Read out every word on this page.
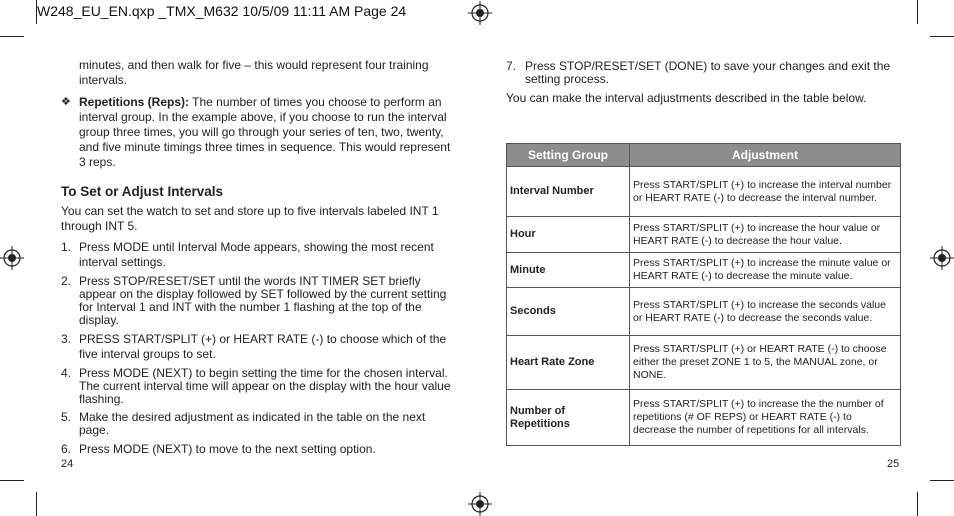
W248_EU_EN.qxp _TMX_M632 10/5/09 11:11 AM Page 24

minutes, and then walk for five – this would represent four training intervals.

❖ Repetitions (Reps): The number of times you choose to perform an interval group. In the example above, if you choose to run the interval group three times, you will go through your series of ten, two, twenty, and five minute timings three times in sequence. This would represent 3 reps.
To Set or Adjust Intervals

You can set the watch to set and store up to five intervals labeled INT 1 through INT 5.

1. Press MODE until Interval Mode appears, showing the most recent interval settings.
2. Press STOP/RESET/SET until the words INT TIMER SET briefly appear on the display followed by SET followed by the current setting for Interval 1 and INT with the number 1 flashing at the top of the display.
3. PRESS START/SPLIT (+) or HEART RATE (-) to choose which of the five interval groups to set.
4. Press MODE (NEXT) to begin setting the time for the chosen interval. The current interval time will appear on the display with the hour value flashing.
5. Make the desired adjustment as indicated in the table on the next page.
6. Press MODE (NEXT) to move to the next setting option.
24
7. Press STOP/RESET/SET (DONE) to save your changes and exit the setting process.

You can make the interval adjustments described in the table below.

Setting Group	Adjustment
Interval Number	Press START/SPLIT (+) to increase the interval number or HEART RATE (-) to decrease the interval number.
Hour	Press START/SPLIT (+) to increase the hour value or HEART RATE (-) to decrease the hour value.
Minute	Press START/SPLIT (+) to increase the minute value or HEART RATE (-) to decrease the minute value.
Seconds	Press START/SPLIT (+) to increase the seconds value or HEART RATE (-) to decrease the seconds value.
Heart Rate Zone	Press START/SPLIT (+) or HEART RATE (-) to choose either the preset ZONE 1 to 5, the MANUAL zone, or NONE.
Number of Repetitions	Press START/SPLIT (+) to increase the the number of repetitions (# OF REPS) or HEART RATE (-) to decrease the number of repetitions for all intervals.
25
